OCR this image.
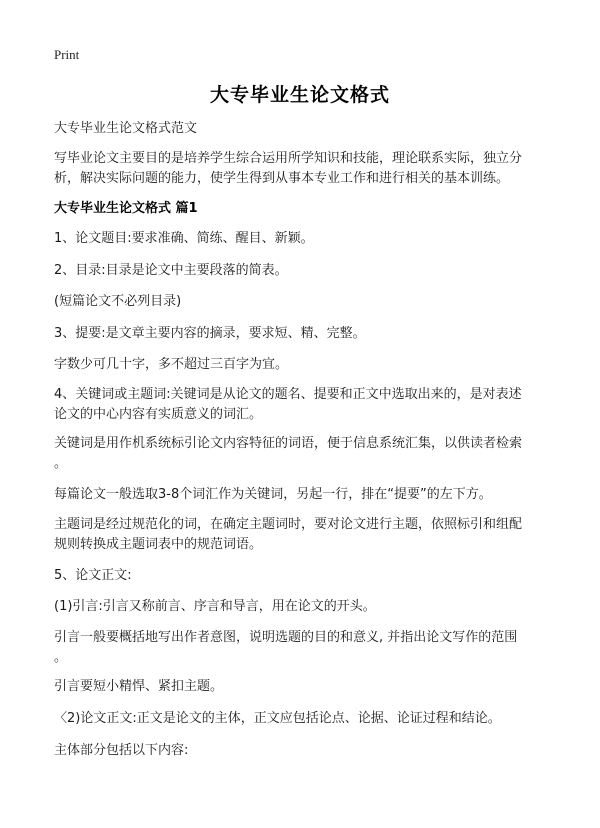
Print
大专毕业生论文格式
大专毕业生论文格式范文
写毕业论文主要目的是培养学生综合运用所学知识和技能，理论联系实际，独立分
析，解决实际问题的能力，使学生得到从事本专业工作和进行相关的基本训练。
大专毕业生论文格式 篇1
1、论文题目:要求准确、简练、醒目、新颖。
2、目录:目录是论文中主要段落的简表。
(短篇论文不必列目录)
3、提要:是文章主要内容的摘录，要求短、精、完整。
字数少可几十字，多不超过三百字为宜。
4、关键词或主题词:关键词是从论文的题名、提要和正文中选取出来的，是对表述
论文的中心内容有实质意义的词汇。
关键词是用作机系统标引论文内容特征的词语，便于信息系统汇集，以供读者检索
。
每篇论文一般选取3-8个词汇作为关键词，另起一行，排在“提要”的左下方。
主题词是经过规范化的词，在确定主题词时，要对论文进行主题，依照标引和组配
规则转换成主题词表中的规范词语。
5、论文正文:
(1)引言:引言又称前言、序言和导言，用在论文的开头。
引言一般要概括地写出作者意图，说明选题的目的和意义, 并指出论文写作的范围
。
引言要短小精悍、紧扣主题。
〈2)论文正文:正文是论文的主体，正文应包括论点、论据、论证过程和结论。
主体部分包括以下内容:
